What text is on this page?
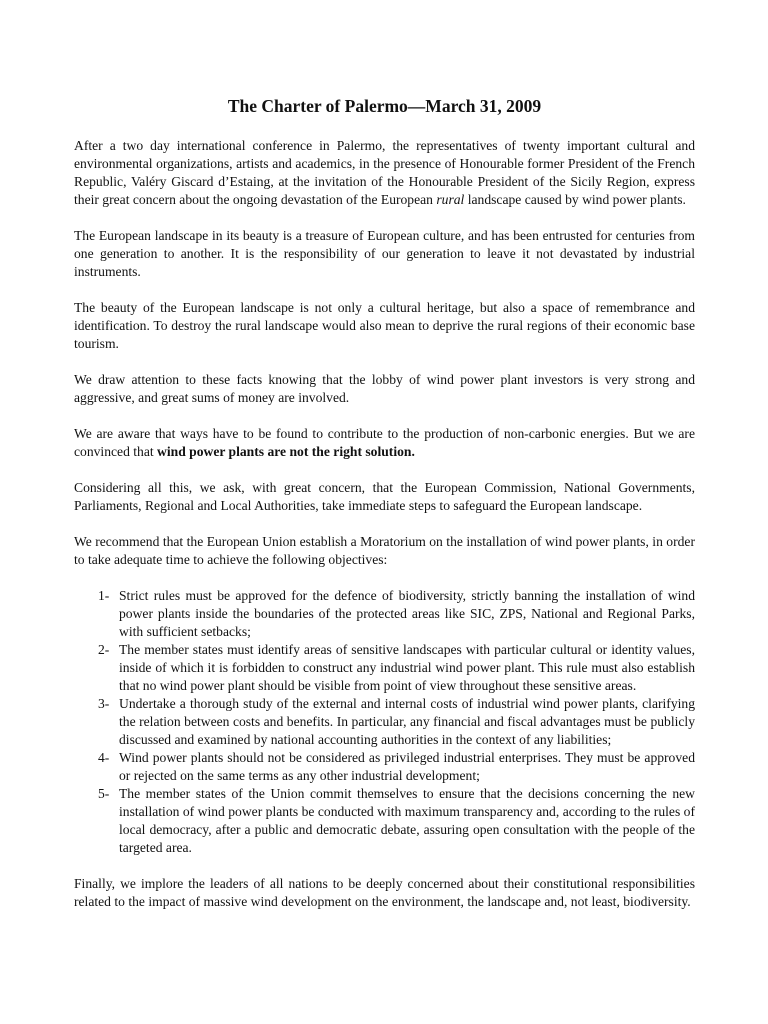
The Charter of Palermo—March 31, 2009

After a two day international conference in Palermo, the representatives of twenty important cultural and environmental organizations, artists and academics, in the presence of Honourable former President of the French Republic, Valéry Giscard d’Estaing, at the invitation of the Honourable President of the Sicily Region, express their great concern about the ongoing devastation of the European rural landscape caused by wind power plants.

The European landscape in its beauty is a treasure of European culture, and has been entrusted for centuries from one generation to another. It is the responsibility of our generation to leave it not devastated by industrial instruments.

The beauty of the European landscape is not only a cultural heritage, but also a space of remembrance and identification. To destroy the rural landscape would also mean to deprive the rural regions of their economic base tourism.

We draw attention to these facts knowing that the lobby of wind power plant investors is very strong and aggressive, and great sums of money are involved.

We are aware that ways have to be found to contribute to the production of non-carbonic energies. But we are convinced that wind power plants are not the right solution.

Considering all this, we ask, with great concern, that the European Commission, National Governments, Parliaments, Regional and Local Authorities, take immediate steps to safeguard the European landscape.

We recommend that the European Union establish a Moratorium on the installation of wind power plants, in order to take adequate time to achieve the following objectives:

1- Strict rules must be approved for the defence of biodiversity, strictly banning the installation of wind power plants inside the boundaries of the protected areas like SIC, ZPS, National and Regional Parks, with sufficient setbacks;
2- The member states must identify areas of sensitive landscapes with particular cultural or identity values, inside of which it is forbidden to construct any industrial wind power plant. This rule must also establish that no wind power plant should be visible from point of view throughout these sensitive areas.
3- Undertake a thorough study of the external and internal costs of industrial wind power plants, clarifying the relation between costs and benefits. In particular, any financial and fiscal advantages must be publicly discussed and examined by national accounting authorities in the context of any liabilities;
4- Wind power plants should not be considered as privileged industrial enterprises. They must be approved or rejected on the same terms as any other industrial development;
5- The member states of the Union commit themselves to ensure that the decisions concerning the new installation of wind power plants be conducted with maximum transparency and, according to the rules of local democracy, after a public and democratic debate, assuring open consultation with the people of the targeted area.

Finally, we implore the leaders of all nations to be deeply concerned about their constitutional responsibilities related to the impact of massive wind development on the environment, the landscape and, not least, biodiversity.
